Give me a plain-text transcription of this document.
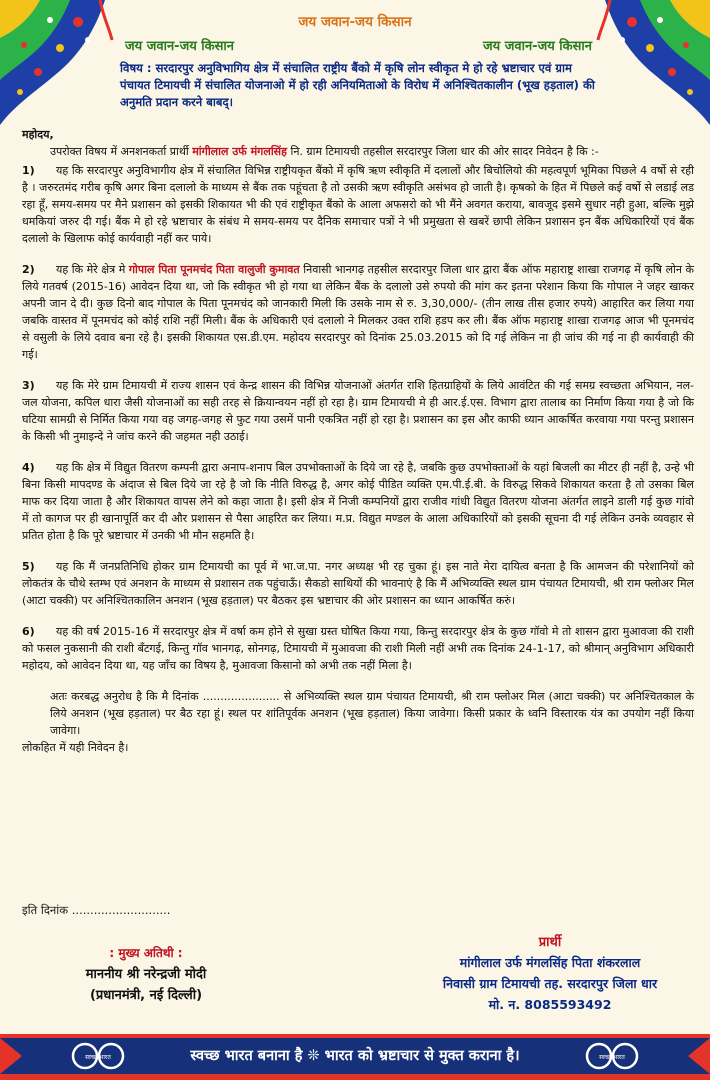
जय जवान-जय किसान
जय जवान-जय किसान	जय जवान-जय किसान
विषय : सरदारपुर अनुविभागिय क्षेत्र में संचालित राष्ट्रीय बैंको में कृषि लोन स्वीकृत मे हो रहे भ्रष्टाचार एवं ग्राम पंचायत टिमायची में संचालित योजनाओ में हो रही अनियमिताओ के विरोध में अनिश्चितकालीन (भूख हड़ताल) की अनुमति प्रदान करने बाबद्।

महोदय,

उपरोक्त विषय में अनशनकर्ता प्रार्थी मांगीलाल उर्फ मंगलसिंह नि. ग्राम टिमायची तहसील सरदारपुर जिला धार की ओर सादर निवेदन है कि :-

1) यह कि सरदारपुर अनुविभागीय क्षेत्र में संचालित विभिन्न राष्ट्रीयकृत बैंको में कृषि ऋण स्वीकृति में दलालों और बिचोलियो की महत्वपूर्ण भूमिका पिछले 4 वर्षो से रही है । जरुरतमंद गरीब कृषि अगर बिना दलालो के माध्यम से बैंक तक पहूंचता है तो उसकी ऋण स्वीकृति असंभव हो जाती है। कृषको के हित में पिछले कई वर्षो से लडाई लड रहा हूँ, समय-समय पर मैने प्रशासन को इसकी शिकायत भी की एवं राष्ट्रीकृत बैंको के आला अफसरो को भी मैंने अवगत कराया, बावजूद इसमे सुधार नही हुआ, बल्कि मुझे धमकियां जरुर दी गई। बैंक मे हो रहे भ्रष्टाचार के संबंध मे समय-समय पर दैनिक समाचार पत्रों ने भी प्रमुखता से खबरें छापी लेकिन प्रशासन इन बैंक अधिकारियों एवं बैंक दलालो के खिलाफ कोई कार्यवाही नहीं कर पाये।

2) यह कि मेरे क्षेत्र मे गोपाल पिता पूनमचंद पिता वालुजी कुमावत निवासी भानगढ़ तहसील सरदारपुर जिला धार द्वारा बैंक ऑफ महाराष्ट्र शाखा राजगढ़ में कृषि लोन के लिये गतवर्ष (2015-16) आवेदन दिया था, जो कि स्वीकृत भी हो गया था लेकिन बैंक के दलालो उसे रुपयो की मांग कर इतना परेशान किया कि गोपाल ने जहर खाकर अपनी जान दे दी। कुछ दिनो बाद गोपाल के पिता पूनमचंद को जानकारी मिली कि उसके नाम से रु. 3,30,000/- (तीन लाख तीस हजार रुपये) आहारित कर लिया गया जबकि वास्तव में पूनमचंद को कोई राशि नहीं मिली। बैंक के अधिकारी एवं दलालो ने मिलकर उक्त राशि हडप कर ली। बैंक ऑफ महाराष्ट्र शाखा राजगढ़ आज भी पूनमचंद से वसुली के लिये दवाव बना रहे है। इसकी शिकायत एस.डी.एम. महोदय सरदारपुर को दिनांक 25.03.2015 को दि गई लेकिन ना ही जांच की गई ना ही कार्यवाही की गई।

3) यह कि मेरे ग्राम टिमायची में राज्य शासन एवं केन्द्र शासन की विभिन्न योजनाओं अंतर्गत राशि हितग्राहियों के लिये आवंटित की गई समग्र स्वच्छता अभियान, नल-जल योजना, कपिल धारा जैसी योजनाओं का सही तरह से क्रियान्वयन नहीं हो रहा है। ग्राम टिमायची मे ही आर.ई.एस. विभाग द्वारा तालाब का निर्माण किया गया है जो कि घटिया सामग्री से निर्मित किया गया वह जगह-जगह से फुट गया उसमें पानी एकत्रित नहीं हो रहा है। प्रशासन का इस और काफी ध्यान आकर्षित करवाया गया परन्तु प्रशासन के किसी भी नुमाइन्दे ने जांच करने की जहमत नही उठाई।

4) यह कि क्षेत्र में विद्युत वितरण कम्पनी द्वारा अनाप-शनाप बिल उपभोक्ताओं के दिये जा रहे है, जबकि कुछ उपभोक्ताओं के यहां बिजली का मीटर ही नहीं है, उन्हे भी बिना किसी मापदण्ड के अंदाज से बिल दिये जा रहे है जो कि नीति विरुद्ध है, अगर कोई पीडित व्यक्ति एम.पी.ई.बी. के विरुद्ध सिकवे शिकायत करता है तो उसका बिल माफ कर दिया जाता है और शिकायत वापस लेने को कहा जाता है। इसी क्षेत्र में निजी कम्पनियों द्वारा राजीव गांधी विद्युत वितरण योजना अंतर्गत लाइने डाली गई कुछ गांवो में तो कागज पर ही खानापूर्ति कर दी और प्रशासन से पैसा आहरित कर लिया। म.प्र. विद्युत मण्डल के आला अधिकारियों को इसकी सूचना दी गई लेकिन उनके व्यवहार से प्रतित होता है कि पूरे भ्रष्टाचार में उनकी भी मौन सहमति है।

5) यह कि मैं जनप्रतिनिधि होकर ग्राम टिमायची का पूर्व में भा.ज.पा. नगर अध्यक्ष भी रह चुका हूं। इस नाते मेरा दायित्व बनता है कि आमजन की परेशानियों को लोकतंत्र के चौथे स्तम्भ एवं अनशन के माध्यम से प्रशासन तक पहुंचाऊँ। सैकडो साथियों की भावनाएं है कि मैं अभिव्यक्ति स्थल ग्राम पंचायत टिमायची, श्री राम फ्लोअर मिल (आटा चक्की) पर अनिश्चितकालिन अनशन (भूख हड़ताल) पर बैठकर इस भ्रष्टाचार की ओर प्रशासन का ध्यान आकर्षित करुं।

6) यह की वर्ष 2015-16 में सरदारपुर क्षेत्र में वर्षा कम होने से सुखा ग्रस्त घोषित किया गया, किन्तु सरदारपुर क्षेत्र के कुछ गॉवो मे तो शासन द्वारा मुआवजा की राशी को फसल नुकसानी की राशी बँटगई, किन्तु गॉव भानगढ़, सोनगढ़, टिमायची में मुआवजा की राशी मिली नहीं अभी तक दिनांक 24-1-17, को श्रीमान् अनुविभाग अधिकारी महोदय, को आवेदन दिया था, यह जाँच का विषय है, मुआवजा किसानो को अभी तक नहीं मिला है।

अतः करबद्ध अनुरोध है कि मै दिनांक ...................... से अभिव्यक्ति स्थल ग्राम पंचायत टिमायची, श्री राम फ्लोअर मिल (आटा चक्की) पर अनिश्चितकाल के लिये अनशन (भूख हड़ताल) पर बैठ रहा हूं। स्थल पर शांतिपूर्वक अनशन (भूख हड़ताल) किया जावेगा। किसी प्रकार के ध्वनि विस्तारक यंत्र का उपयोग नहीं किया जावेगा।

लोकहित में यही निवेदन है।

इति दिनांक ...........................
: मुख्य अतिथी :
माननीय श्री नरेन्द्रजी मोदी
(प्रधानमंत्री, नई दिल्ली)
प्रार्थी
मांगीलाल उर्फ मंगलसिंह पिता शंकरलाल
निवासी ग्राम टिमायची तह. सरदारपुर जिला धार
मो. न. 8085593492
स्वच्छ भारत	स्वच्छ भारत बनाना है ❊ भारत को भ्रष्टाचार से मुक्त कराना है।	स्वच्छ भारत
